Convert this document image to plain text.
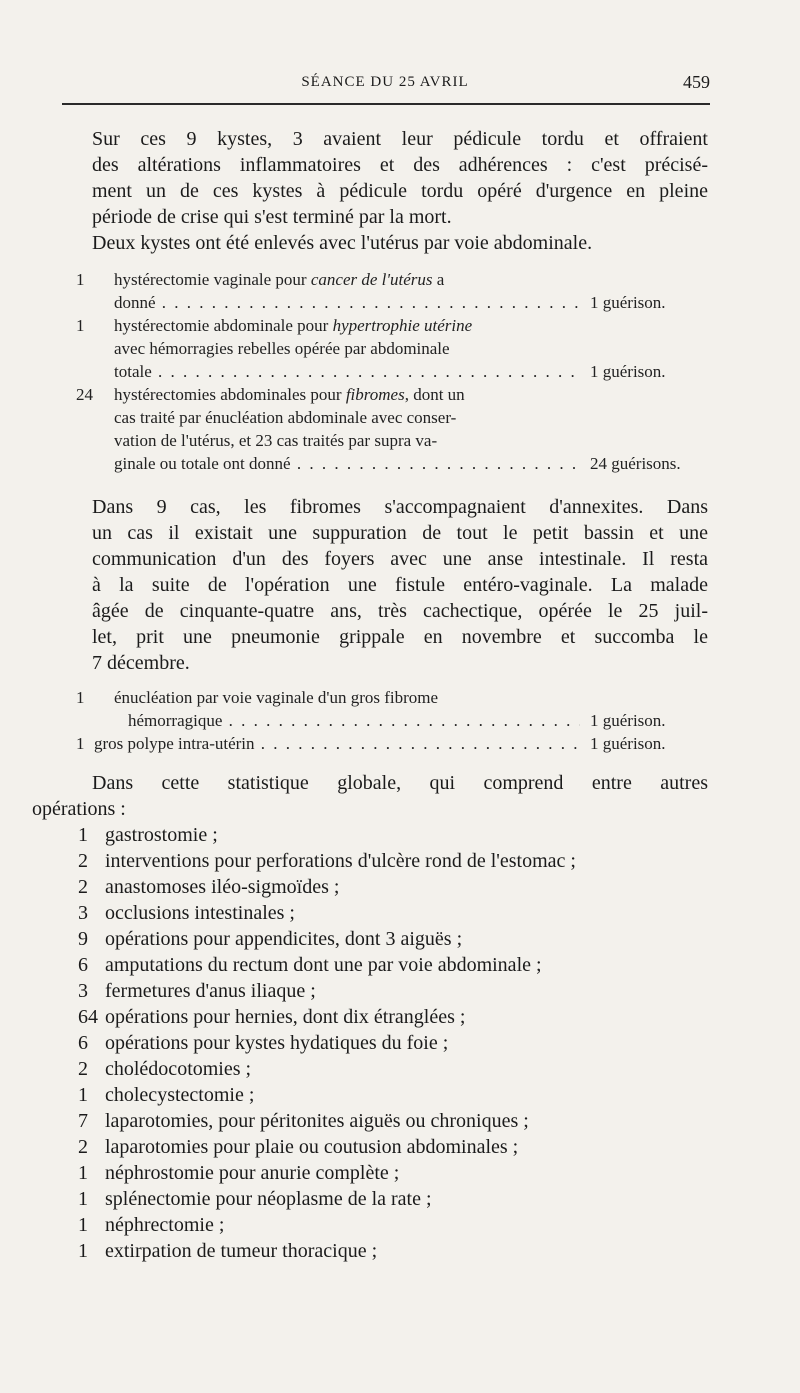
SÉANCE DU 25 AVRIL	459

Sur ces 9 kystes, 3 avaient leur pédicule tordu et offraient
des altérations inflammatoires et des adhérences : c'est précisé-
ment un de ces kystes à pédicule tordu opéré d'urgence en pleine
période de crise qui s'est terminé par la mort.

Deux kystes ont été enlevés avec l'utérus par voie abdominale.

1 hystérectomie vaginale pour cancer de l'utérus a
donné . . .	1 guérison.
1 hystérectomie abdominale pour hypertrophie utérine
avec hémorragies rebelles opérée par abdominale
totale . . .	1 guérison.
24 hystérectomies abdominales pour fibromes, dont un
cas traité par énucléation abdominale avec conser-
vation de l'utérus, et 23 cas traités par supra va-
ginale ou totale ont donné . . .	24 guérisons.

Dans 9 cas, les fibromes s'accompagnaient d'annexites. Dans
un cas il existait une suppuration de tout le petit bassin et une
communication d'un des foyers avec une anse intestinale. Il resta
à la suite de l'opération une fistule entéro-vaginale. La malade
âgée de cinquante-quatre ans, très cachectique, opérée le 25 juil-
let, prit une pneumonie grippale en novembre et succomba le
7 décembre.

1 énucléation par voie vaginale d'un gros fibrome
hémorragique . . .	1 guérison.
1 gros polype intra-utérin . . .	1 guérison.

Dans cette statistique globale, qui comprend entre autres
opérations :

1 gastrostomie ;
2 interventions pour perforations d'ulcère rond de l'estomac ;
2 anastomoses iléo-sigmoïdes ;
3 occlusions intestinales ;
9 opérations pour appendicites, dont 3 aiguës ;
6 amputations du rectum dont une par voie abdominale ;
3 fermetures d'anus iliaque ;
64 opérations pour hernies, dont dix étranglées ;
6 opérations pour kystes hydatiques du foie ;
2 cholédocotomies ;
1 cholecystectomie ;
7 laparotomies, pour péritonites aiguës ou chroniques ;
2 laparotomies pour plaie ou coutusion abdominales ;
1 néphrostomie pour anurie complète ;
1 splénectomie pour néoplasme de la rate ;
1 néphrectomie ;
1 extirpation de tumeur thoracique ;
